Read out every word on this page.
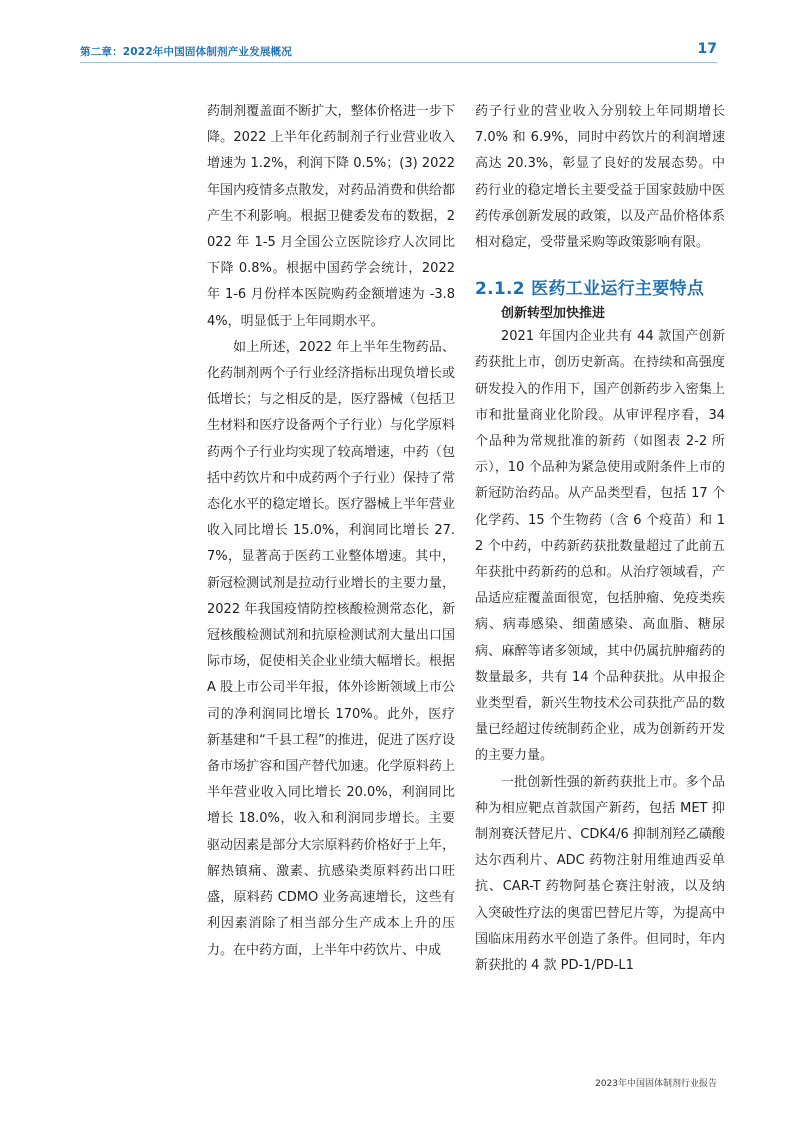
第二章：2022年中国固体制剂产业发展概况	17

药制剂覆盖面不断扩大，整体价格进一步下降。2022 上半年化药制剂子行业营业收入增速为 1.2%，利润下降 0.5%；(3) 2022 年国内疫情多点散发，对药品消费和供给都产生不利影响。根据卫健委发布的数据，2022 年 1-5 月全国公立医院诊疗人次同比下降 0.8%。根据中国药学会统计，2022 年 1-6 月份样本医院购药金额增速为 -3.84%，明显低于上年同期水平。

如上所述，2022 年上半年生物药品、化药制剂两个子行业经济指标出现负增长或低增长；与之相反的是，医疗器械（包括卫生材料和医疗设备两个子行业）与化学原料药两个子行业均实现了较高增速，中药（包括中药饮片和中成药两个子行业）保持了常态化水平的稳定增长。医疗器械上半年营业收入同比增长 15.0%，利润同比增长 27.7%，显著高于医药工业整体增速。其中，新冠检测试剂是拉动行业增长的主要力量，2022 年我国疫情防控核酸检测常态化，新冠核酸检测试剂和抗原检测试剂大量出口国际市场，促使相关企业业绩大幅增长。根据 A 股上市公司半年报，体外诊断领域上市公司的净利润同比增长 170%。此外，医疗新基建和“千县工程”的推进，促进了医疗设备市场扩容和国产替代加速。化学原料药上半年营业收入同比增长 20.0%，利润同比增长 18.0%，收入和利润同步增长。主要驱动因素是部分大宗原料药价格好于上年，解热镇痛、激素、抗感染类原料药出口旺盛，原料药 CDMO 业务高速增长，这些有利因素消除了相当部分生产成本上升的压力。在中药方面，上半年中药饮片、中成

药子行业的营业收入分别较上年同期增长 7.0% 和 6.9%，同时中药饮片的利润增速高达 20.3%，彰显了良好的发展态势。中药行业的稳定增长主要受益于国家鼓励中医药传承创新发展的政策，以及产品价格体系相对稳定，受带量采购等政策影响有限。

2.1.2 医药工业运行主要特点

创新转型加快推进

2021 年国内企业共有 44 款国产创新药获批上市，创历史新高。在持续和高强度研发投入的作用下，国产创新药步入密集上市和批量商业化阶段。从审评程序看，34 个品种为常规批准的新药（如图表 2-2 所示），10 个品种为紧急使用或附条件上市的新冠防治药品。从产品类型看，包括 17 个化学药、15 个生物药（含 6 个疫苗）和 12 个中药，中药新药获批数量超过了此前五年获批中药新药的总和。从治疗领域看，产品适应症覆盖面很宽，包括肿瘤、免疫类疾病、病毒感染、细菌感染、高血脂、糖尿病、麻醉等诸多领域，其中仍属抗肿瘤药的数量最多，共有 14 个品种获批。从申报企业类型看，新兴生物技术公司获批产品的数量已经超过传统制药企业，成为创新药开发的主要力量。

一批创新性强的新药获批上市。多个品种为相应靶点首款国产新药，包括 MET 抑制剂赛沃替尼片、CDK4/6 抑制剂羟乙磺酸达尔西利片、ADC 药物注射用维迪西妥单抗、CAR-T 药物阿基仑赛注射液，以及纳入突破性疗法的奥雷巴替尼片等，为提高中国临床用药水平创造了条件。但同时，年内新获批的 4 款 PD-1/PD-L1

2023年中国固体制剂行业报告
